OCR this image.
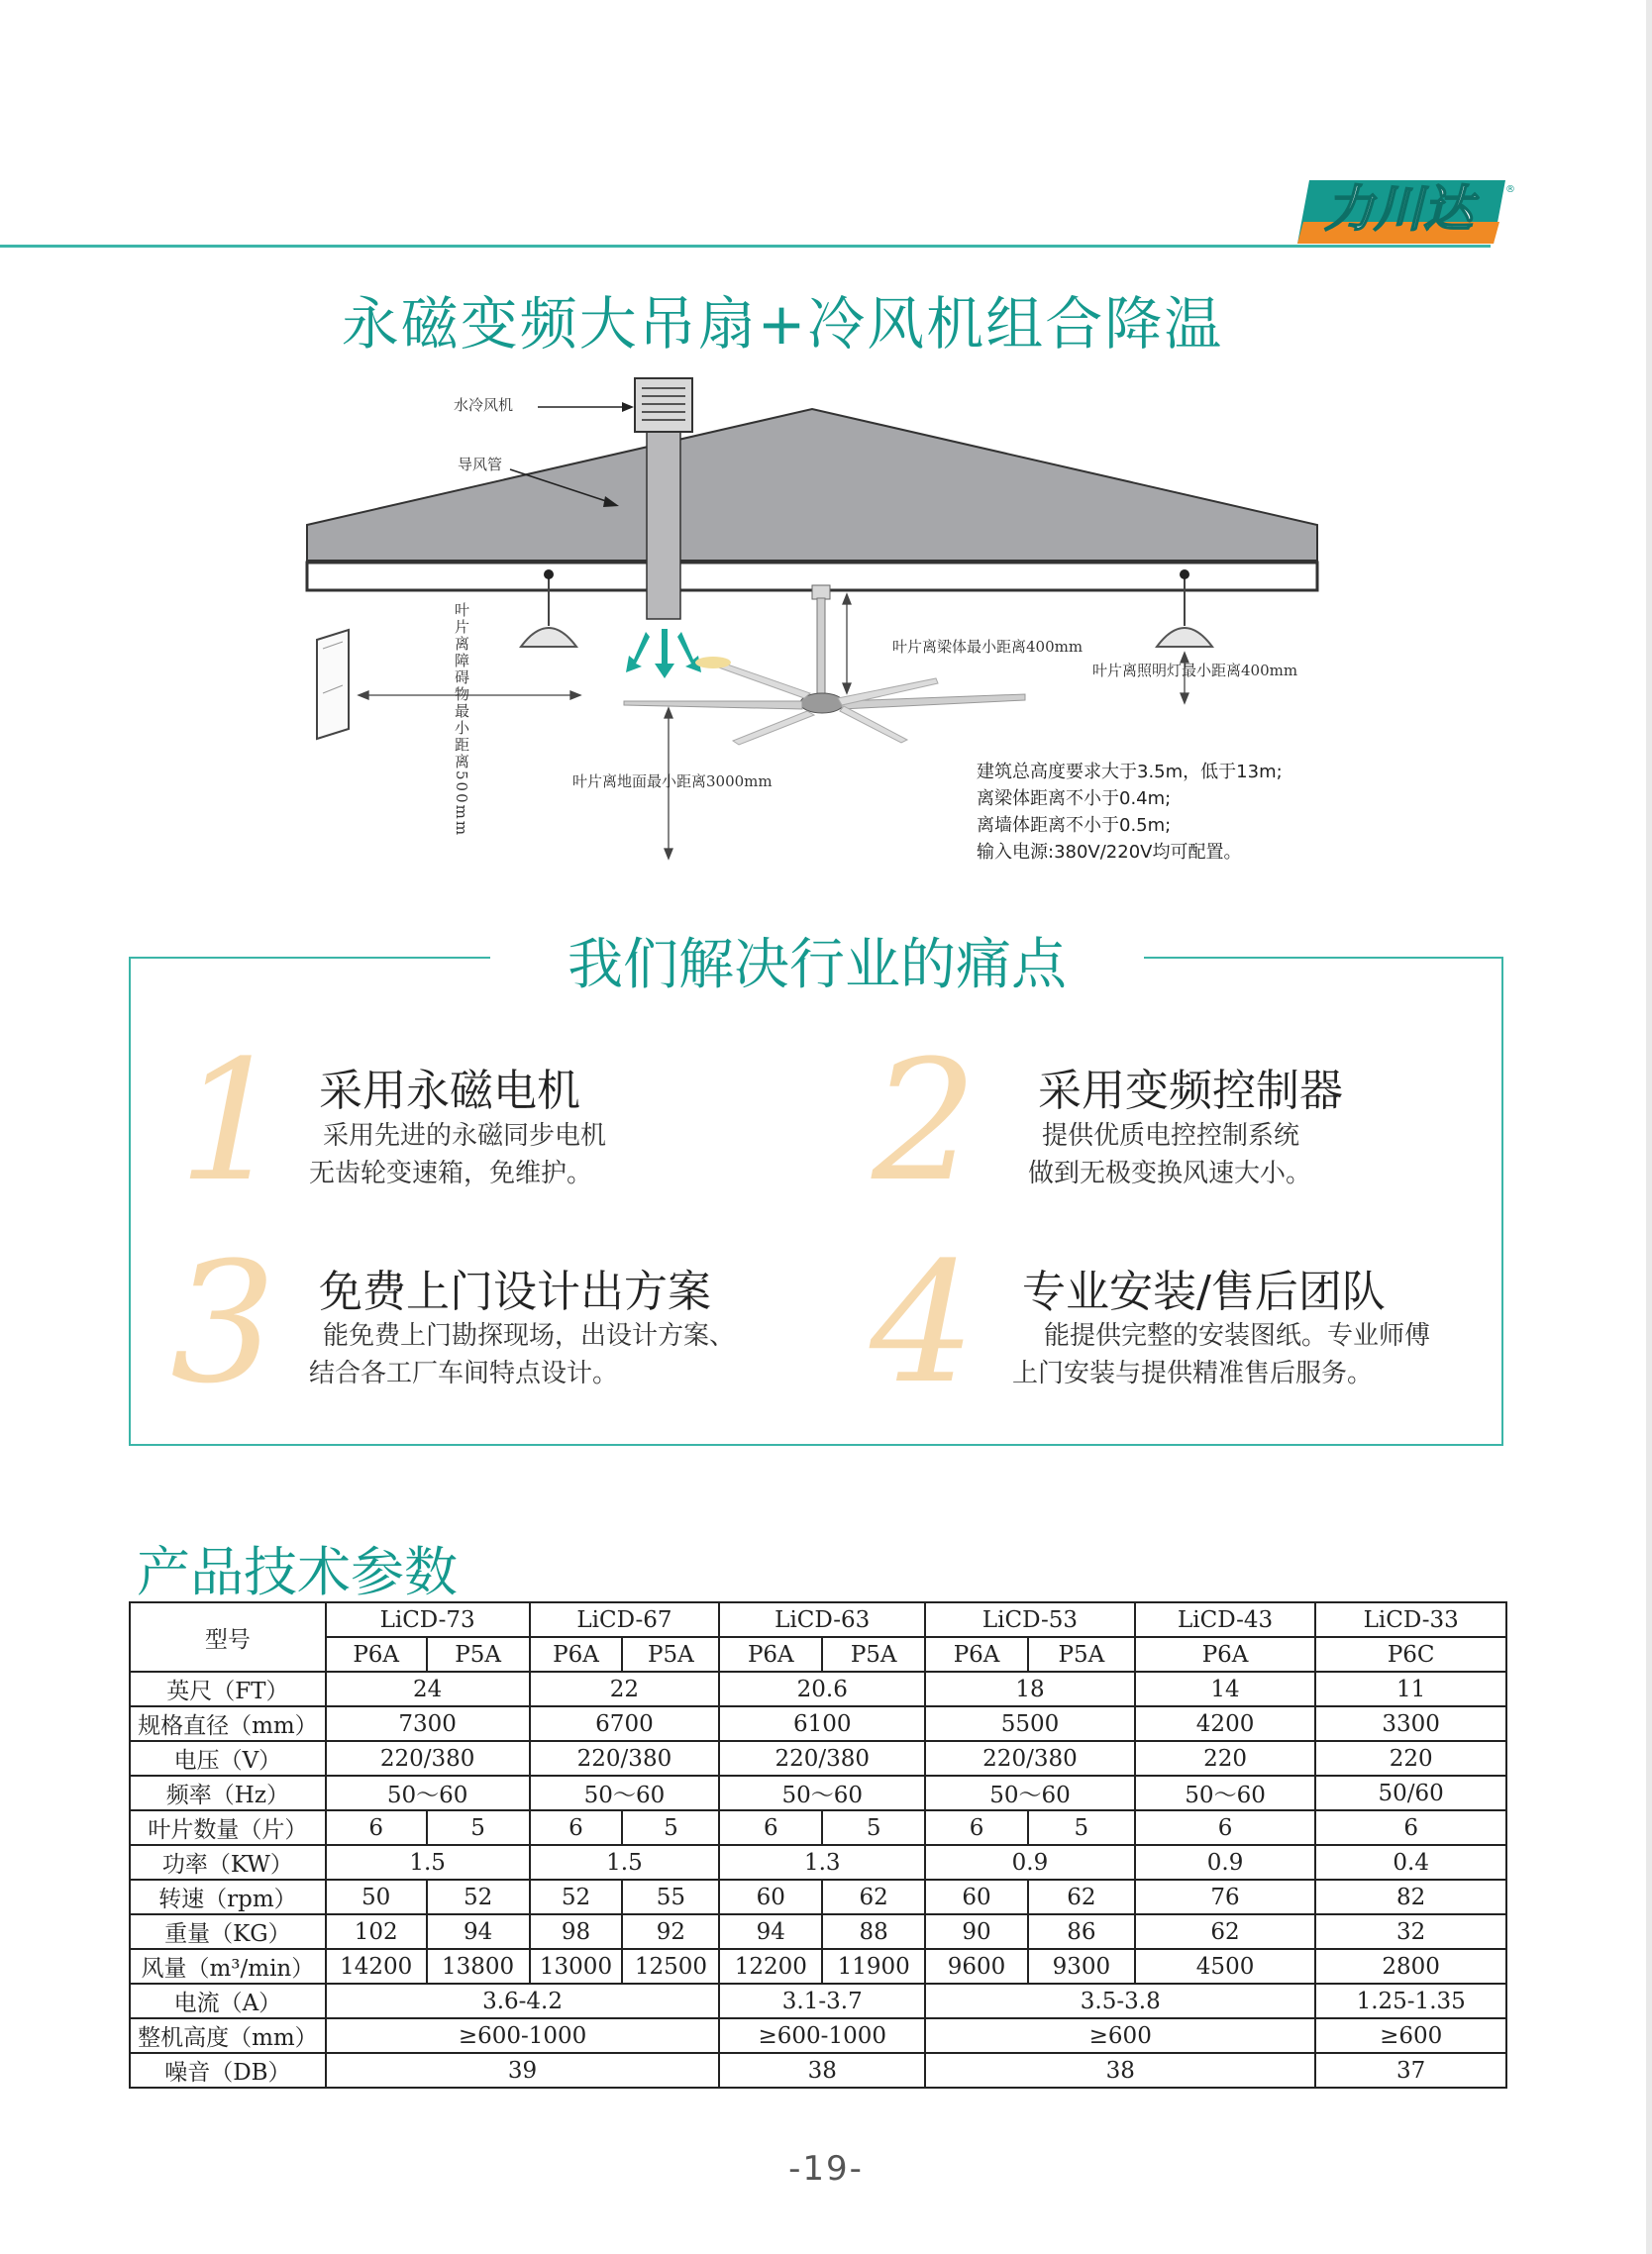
力川达	®
永磁变频大吊扇+冷风机组合降温
水冷风机
导风管
叶片离障碍物最小距离500mm	叶片离梁体最小距离400mm
叶片离照明灯最小距离400mm
叶片离地面最小距离3000mm	建筑总高度要求大于3.5m，低于13m;
离梁体距离不小于0.4m;
离墙体距离不小于0.5m;
输入电源:380V/220V均可配置。
我们解决行业的痛点
1 采用永磁电机
采用先进的永磁同步电机
无齿轮变速箱，免维护。 2 采用变频控制器
提供优质电控控制系统
做到无极变换风速大小。
3 免费上门设计出方案
能免费上门勘探现场，出设计方案、
结合各工厂车间特点设计。	4 专业安装/售后团队
能提供完整的安装图纸。专业师傅
上门安装与提供精准售后服务。
产品技术参数
型号	LiCD-73		LiCD-67		LiCD-63		LiCD-53		LiCD-43	LiCD-33
	P6A	P5A	P6A	P5A	P6A	P5A	P6A	P5A	P6A	P6C
英尺（FT）	24		22		20.6		18		14	11
规格直径（mm）	7300		6700		6100		5500		4200	3300
电压（V）	220/380		220/380		220/380		220/380		220	220
频率（Hz）	50～60		50～60		50～60		50～60		50～60	50/60
叶片数量（片）	6	5	6	5	6	5	6	5	6	6
功率（KW）	1.5		1.5		1.3		0.9		0.9	0.4
转速（rpm）	50	52	52	55	60	62	60	62	76	82
重量（KG）	102	94	98	92	94	88	90	86	62	32
风量（m³/min）	14200	13800	13000	12500	12200	11900	9600	9300	4500	2800
电流（A）	3.6-4.2				3.1-3.7		3.5-3.8			1.25-1.35
整机高度（mm）	≥600-1000				≥600-1000		≥600			≥600
噪音（DB）	39				38		38			37
-19-
